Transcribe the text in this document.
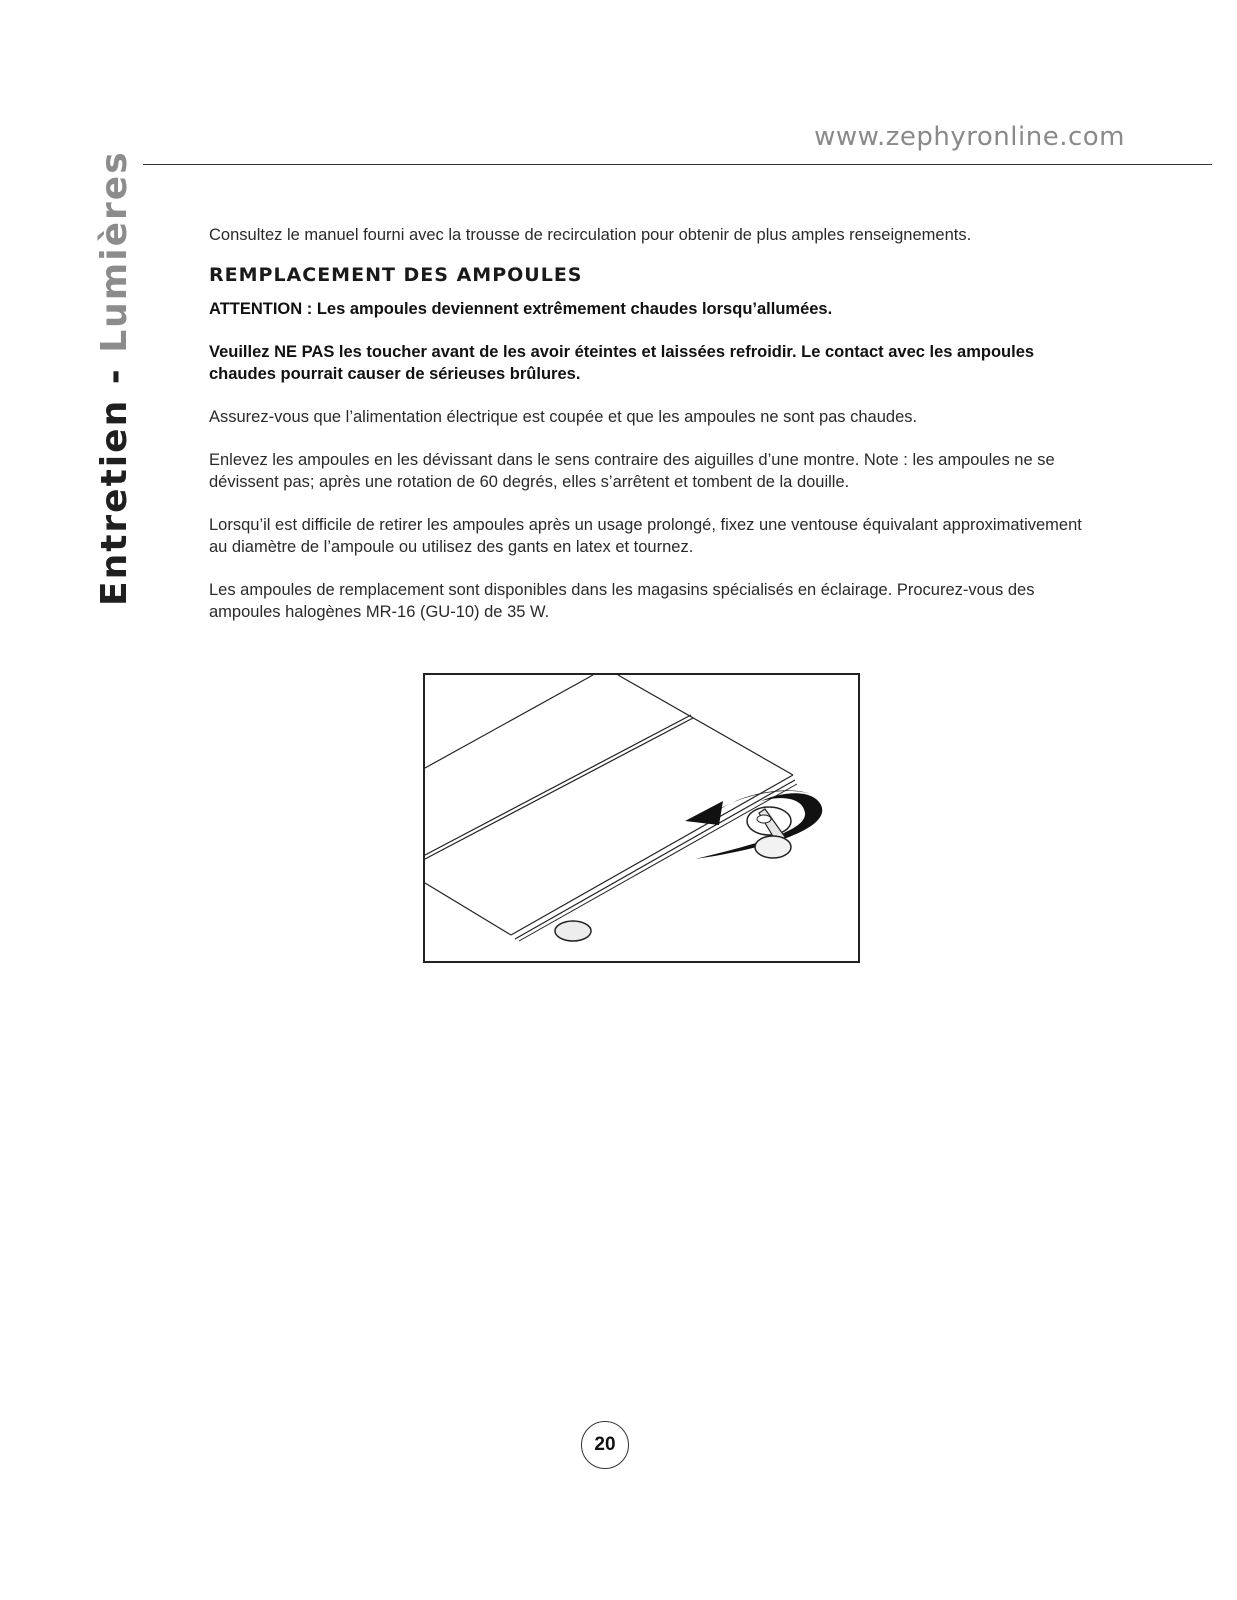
www.zephyronline.com

Entretien - Lumières	Consultez le manuel fourni avec la trousse de recirculation pour obtenir de plus amples renseignements.

REMPLACEMENT DES AMPOULES

ATTENTION : Les ampoules deviennent extrêmement chaudes lorsqu’allumées.

Veuillez NE PAS les toucher avant de les avoir éteintes et laissées refroidir. Le contact avec les ampoules chaudes pourrait causer de sérieuses brûlures.

Assurez-vous que l’alimentation électrique est coupée et que les ampoules ne sont pas chaudes.

Enlevez les ampoules en les dévissant dans le sens contraire des aiguilles d’une montre. Note : les ampoules ne se dévissent pas; après une rotation de 60 degrés, elles s’arrêtent et tombent de la douille.

Lorsqu’il est difficile de retirer les ampoules après un usage prolongé, fixez une ventouse équivalant approximativement au diamètre de l’ampoule ou utilisez des gants en latex et tournez.

Les ampoules de remplacement sont disponibles dans les magasins spécialisés en éclairage. Procurez-vous des ampoules halogènes MR-16 (GU-10) de 35 W.

20
